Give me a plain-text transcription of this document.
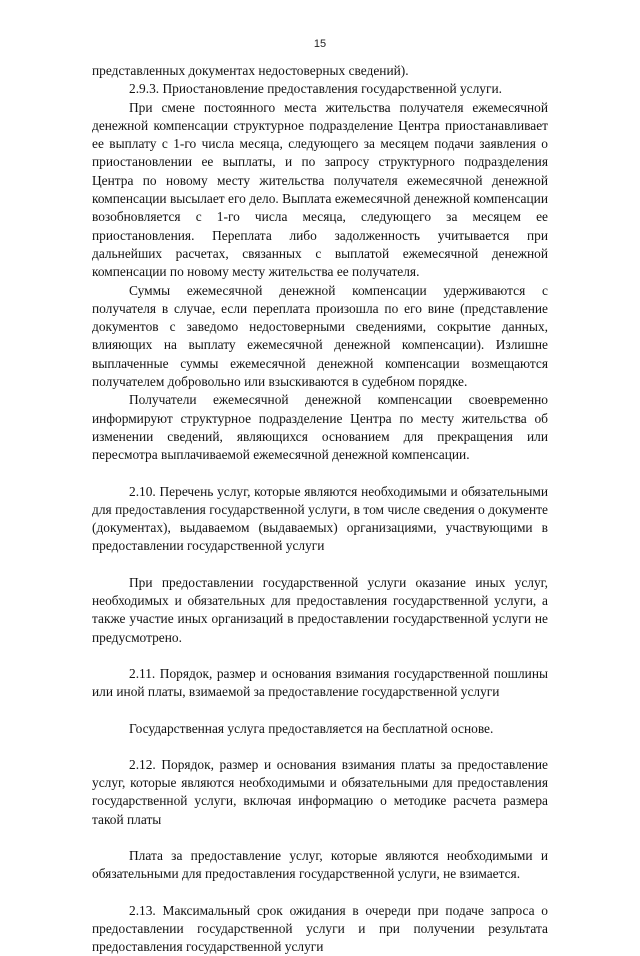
15

представленных документах недостоверных сведений).

2.9.3. Приостановление предоставления государственной услуги.

При смене постоянного места жительства получателя ежемесячной денежной компенсации структурное подразделение Центра приостанавливает ее выплату с 1-го числа месяца, следующего за месяцем подачи заявления о приостановлении ее выплаты, и по запросу структурного подразделения Центра по новому месту жительства получателя ежемесячной денежной компенсации высылает его дело. Выплата ежемесячной денежной компенсации возобновляется с 1-го числа месяца, следующего за месяцем ее приостановления. Переплата либо задолженность учитывается при дальнейших расчетах, связанных с выплатой ежемесячной денежной компенсации по новому месту жительства ее получателя.

Суммы ежемесячной денежной компенсации удерживаются с получателя в случае, если переплата произошла по его вине (представление документов с заведомо недостоверными сведениями, сокрытие данных, влияющих на выплату ежемесячной денежной компенсации). Излишне выплаченные суммы ежемесячной денежной компенсации возмещаются получателем добровольно или взыскиваются в судебном порядке.

Получатели ежемесячной денежной компенсации своевременно информируют структурное подразделение Центра по месту жительства об изменении сведений, являющихся основанием для прекращения или пересмотра выплачиваемой ежемесячной денежной компенсации.

2.10. Перечень услуг, которые являются необходимыми и обязательными для предоставления государственной услуги, в том числе сведения о документе (документах), выдаваемом (выдаваемых) организациями, участвующими в предоставлении государственной услуги

При предоставлении государственной услуги оказание иных услуг, необходимых и обязательных для предоставления государственной услуги, а также участие иных организаций в предоставлении государственной услуги не предусмотрено.

2.11. Порядок, размер и основания взимания государственной пошлины или иной платы, взимаемой за предоставление государственной услуги

Государственная услуга предоставляется на бесплатной основе.

2.12. Порядок, размер и основания взимания платы за предоставление услуг, которые являются необходимыми и обязательными для предоставления государственной услуги, включая информацию о методике расчета размера такой платы

Плата за предоставление услуг, которые являются необходимыми и обязательными для предоставления государственной услуги, не взимается.

2.13. Максимальный срок ожидания в очереди при подаче запроса о предоставлении государственной услуги и при получении результата предоставления государственной услуги
